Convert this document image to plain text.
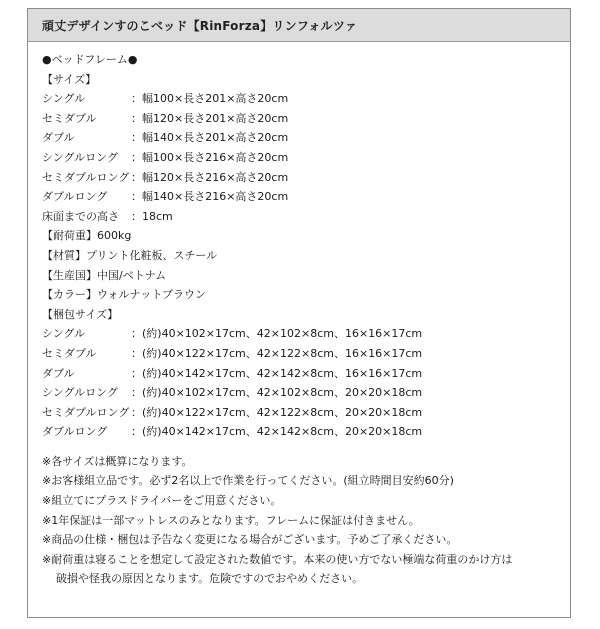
頑丈デザインすのこベッド【RinForza】リンフォルツァ
●ベッドフレーム●
【サイズ】
シングル	：幅100×長さ201×高さ20cm
セミダブル	：幅120×長さ201×高さ20cm
ダブル	：幅140×長さ201×高さ20cm
シングルロング	：幅100×長さ216×高さ20cm
セミダブルロング ：幅120×長さ216×高さ20cm
ダブルロング	：幅140×長さ216×高さ20cm
床面までの高さ	：18cm
【耐荷重】600kg
【材質】プリント化粧板、スチール
【生産国】中国/ベトナム
【カラー】ウォルナットブラウン
【梱包サイズ】
シングル	：(約)40×102×17cm、42×102×8cm、16×16×17cm
セミダブル	：(約)40×122×17cm、42×122×8cm、16×16×17cm
ダブル	：(約)40×142×17cm、42×142×8cm、16×16×17cm
シングルロング	：(約)40×102×17cm、42×102×8cm、20×20×18cm
セミダブルロング ：(約)40×122×17cm、42×122×8cm、20×20×18cm
ダブルロング	：(約)40×142×17cm、42×142×8cm、20×20×18cm
※各サイズは概算になります。
※お客様組立品です。必ず2名以上で作業を行ってください。(組立時間目安約60分)
※組立てにプラスドライバーをご用意ください。
※1年保証は一部マットレスのみとなります。フレームに保証は付きません。
※商品の仕様・梱包は予告なく変更になる場合がございます。予めご了承ください。
※耐荷重は寝ることを想定して設定された数値です。本来の使い方でない極端な荷重のかけ方は
破損や怪我の原因となります。危険ですのでおやめください。
